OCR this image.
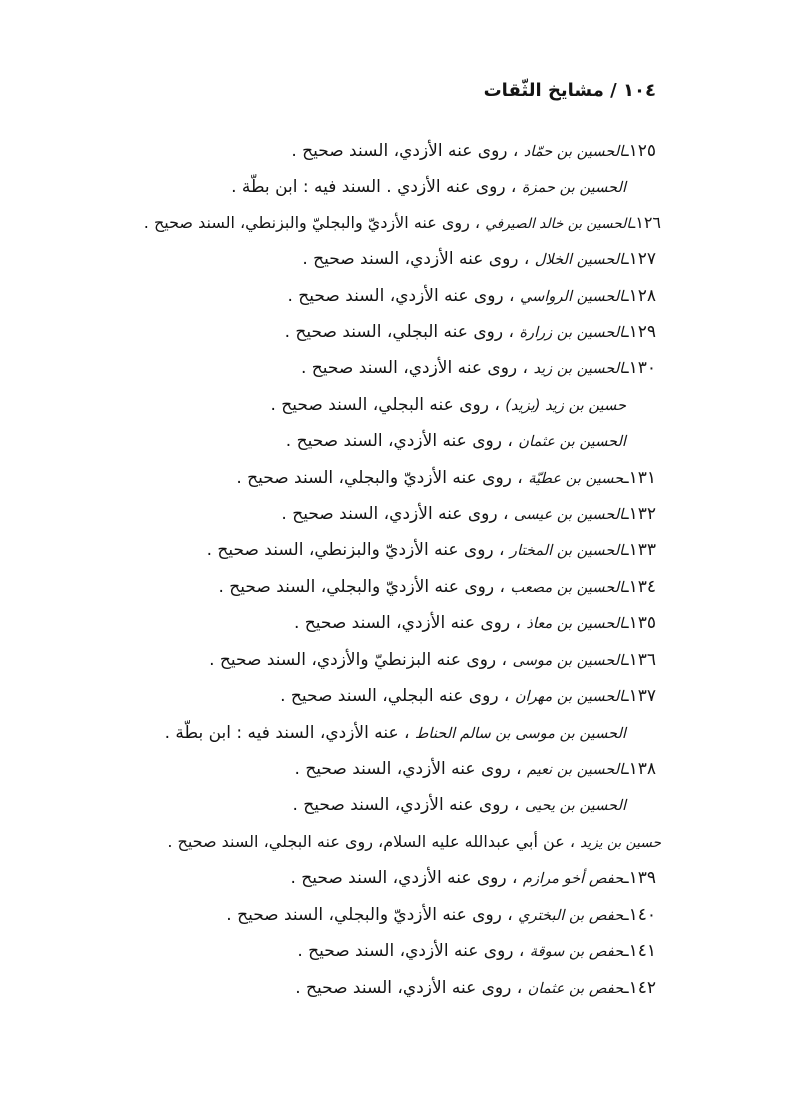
١٠٤ / مشايخ الثّقات
١٢٥ـالحسين بن حمّاد ، روى عنه الأزدي، السند صحيح .
الحسين بن حمزة ، روى عنه الأزدي . السند فيه : ابن بطّة .
١٢٦ـالحسين بن خالد الصيرفي ، روى عنه الأزديّ والبجليّ والبزنطي، السند صحيح .
١٢٧ـالحسين الخلال ، روى عنه الأزدي، السند صحيح .
١٢٨ـالحسين الرواسي ، روى عنه الأزدي، السند صحيح .
١٢٩ـالحسين بن زرارة ، روى عنه البجلي، السند صحيح .
١٣٠ـالحسين بن زيد ، روى عنه الأزدي، السند صحيح .
حسين بن زيد (يزيد) ، روى عنه البجلي، السند صحيح .
الحسين بن عثمان ، روى عنه الأزدي، السند صحيح .
١٣١ـحسين بن عطيّة ، روى عنه الأزديّ والبجلي، السند صحيح .
١٣٢ـالحسين بن عيسى ، روى عنه الأزدي، السند صحيح .
١٣٣ـالحسين بن المختار ، روى عنه الأزديّ والبزنطي، السند صحيح .
١٣٤ـالحسين بن مصعب ، روى عنه الأزديّ والبجلي، السند صحيح .
١٣٥ـالحسين بن معاذ ، روى عنه الأزدي، السند صحيح .
١٣٦ـالحسين بن موسى ، روى عنه البزنطيّ والأزدي، السند صحيح .
١٣٧ـالحسين بن مهران ، روى عنه البجلي، السند صحيح .
الحسين بن موسى بن سالم الحناط ، عنه الأزدي، السند فيه : ابن بطّة .
١٣٨ـالحسين بن نعيم ، روى عنه الأزدي، السند صحيح .
الحسين بن يحيى ، روى عنه الأزدي، السند صحيح .
حسين بن يزيد ، عن أبي عبدالله عليه السلام، روى عنه البجلي، السند صحيح .
١٣٩ـحفص أخو مرازم ، روى عنه الأزدي، السند صحيح .
١٤٠ـحفص بن البختري ، روى عنه الأزديّ والبجلي، السند صحيح .
١٤١ـحفص بن سوقة ، روى عنه الأزدي، السند صحيح .
١٤٢ـحفص بن عثمان ، روى عنه الأزدي، السند صحيح .
